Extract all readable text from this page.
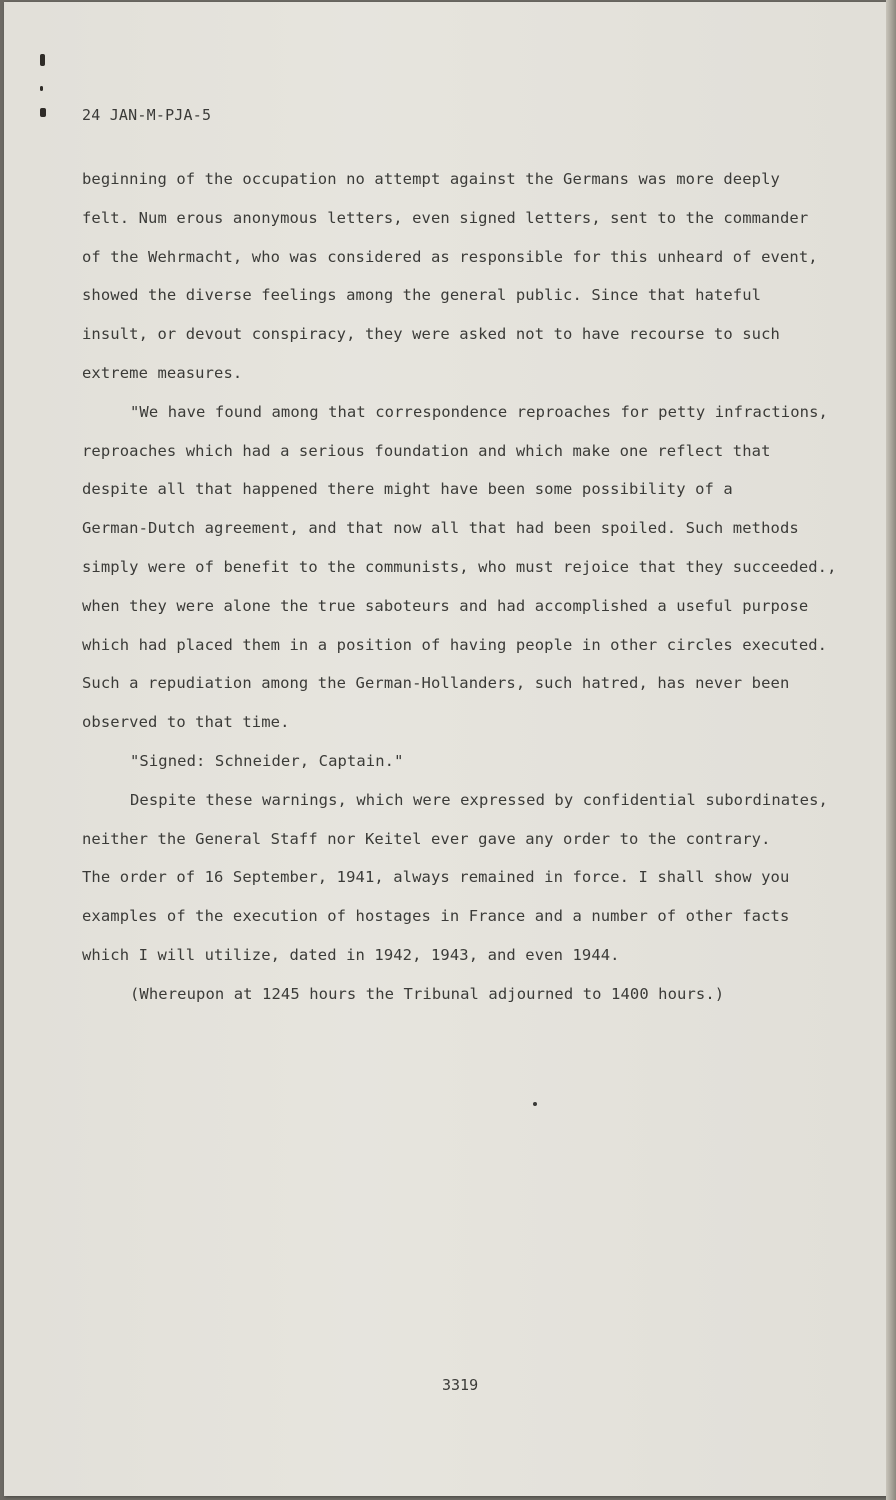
24 JAN-M-PJA-5
beginning of the occupation no attempt against the Germans was more deeply
felt. Num erous anonymous letters, even signed letters, sent to the commander
of the Wehrmacht, who was considered as responsible for this unheard of event,
showed the diverse feelings among the general public. Since that hateful
insult, or devout conspiracy, they were asked not to have recourse to such
extreme measures.
"We have found among that correspondence reproaches for petty infractions,
reproaches which had a serious foundation and which make one reflect that
despite all that happened there might have been some possibility of a
German-Dutch agreement, and that now all that had been spoiled. Such methods
simply were of benefit to the communists, who must rejoice that they succeeded.,
when they were alone the true saboteurs and had accomplished a useful purpose
which had placed them in a position of having people in other circles executed.
Such a repudiation among the German-Hollanders, such hatred, has never been
observed to that time.
"Signed: Schneider, Captain."
Despite these warnings, which were expressed by confidential subordinates,
neither the General Staff nor Keitel ever gave any order to the contrary.
The order of 16 September, 1941, always remained in force. I shall show you
examples of the execution of hostages in France and a number of other facts
which I will utilize, dated in 1942, 1943, and even 1944.
(Whereupon at 1245 hours the Tribunal adjourned to 1400 hours.)
3319
